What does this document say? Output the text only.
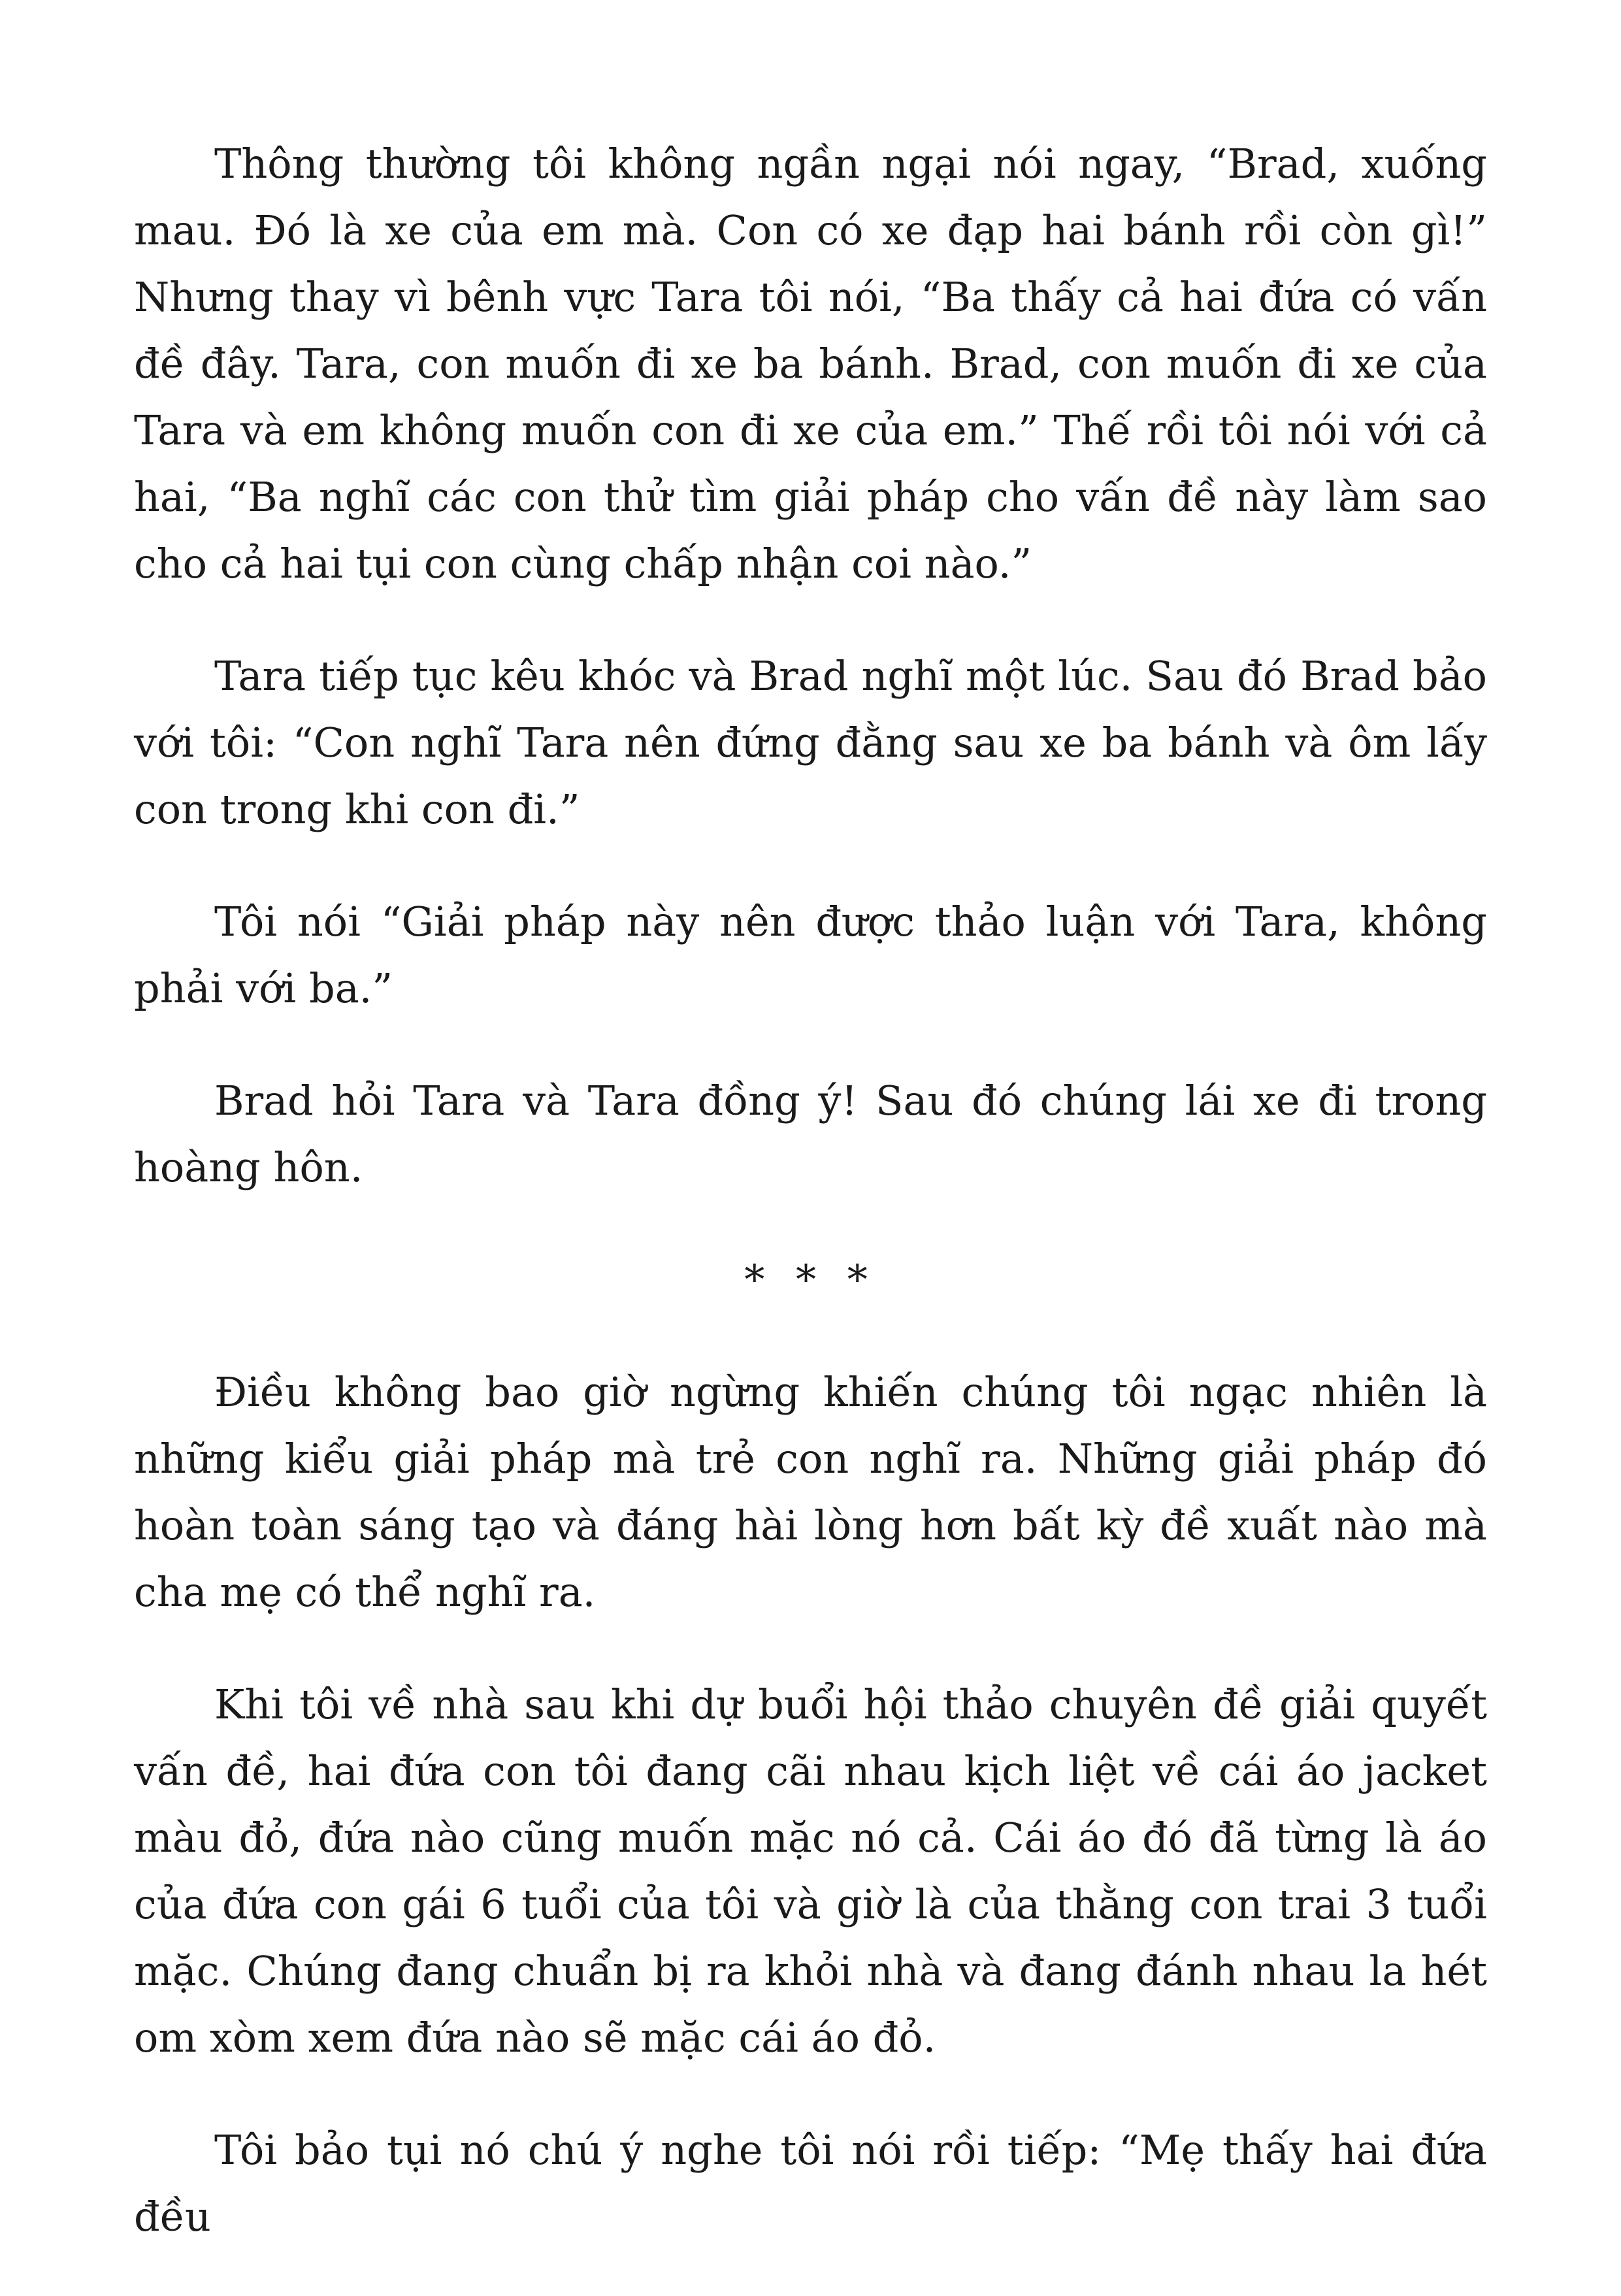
Thông thường tôi không ngần ngại nói ngay, “Brad, xuống mau. Đó là xe của em mà. Con có xe đạp hai bánh rồi còn gì!” Nhưng thay vì bênh vực Tara tôi nói, “Ba thấy cả hai đứa có vấn đề đây. Tara, con muốn đi xe ba bánh. Brad, con muốn đi xe của Tara và em không muốn con đi xe của em.” Thế rồi tôi nói với cả hai, “Ba nghĩ các con thử tìm giải pháp cho vấn đề này làm sao cho cả hai tụi con cùng chấp nhận coi nào.”

Tara tiếp tục kêu khóc và Brad nghĩ một lúc. Sau đó Brad bảo với tôi: “Con nghĩ Tara nên đứng đằng sau xe ba bánh và ôm lấy con trong khi con đi.”

Tôi nói “Giải pháp này nên được thảo luận với Tara, không phải với ba.”

Brad hỏi Tara và Tara đồng ý! Sau đó chúng lái xe đi trong hoàng hôn.

* * *

Điều không bao giờ ngừng khiến chúng tôi ngạc nhiên là những kiểu giải pháp mà trẻ con nghĩ ra. Những giải pháp đó hoàn toàn sáng tạo và đáng hài lòng hơn bất kỳ đề xuất nào mà cha mẹ có thể nghĩ ra.

Khi tôi về nhà sau khi dự buổi hội thảo chuyên đề giải quyết vấn đề, hai đứa con tôi đang cãi nhau kịch liệt về cái áo jacket màu đỏ, đứa nào cũng muốn mặc nó cả. Cái áo đó đã từng là áo của đứa con gái 6 tuổi của tôi và giờ là của thằng con trai 3 tuổi mặc. Chúng đang chuẩn bị ra khỏi nhà và đang đánh nhau la hét om xòm xem đứa nào sẽ mặc cái áo đỏ.

Tôi bảo tụi nó chú ý nghe tôi nói rồi tiếp: “Mẹ thấy hai đứa đều
